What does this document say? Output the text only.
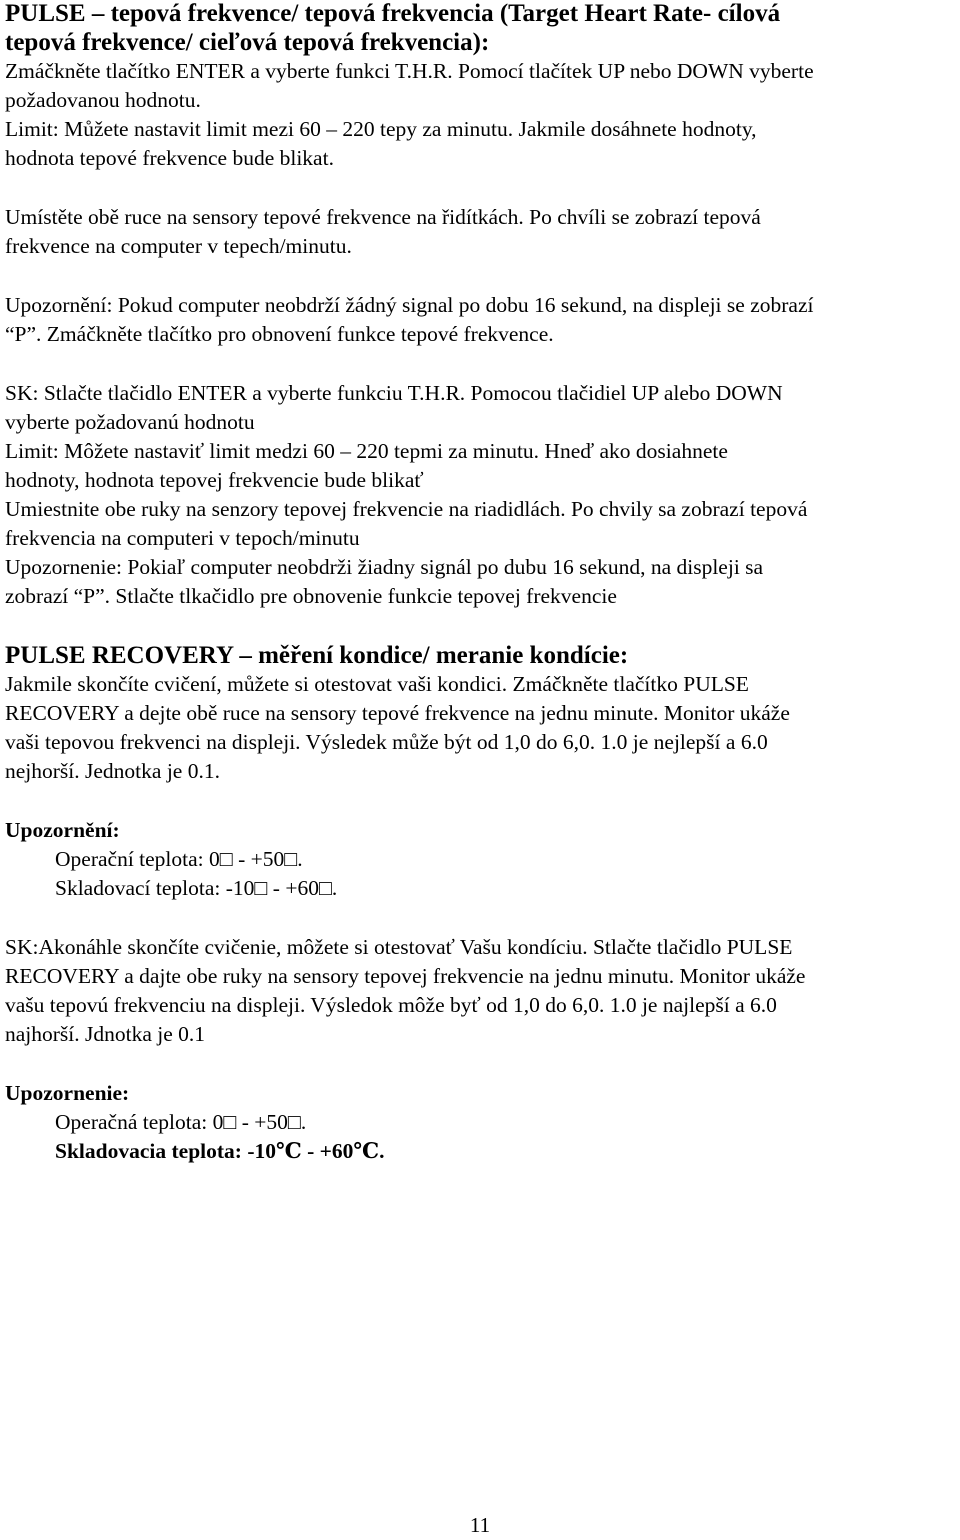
PULSE – tepová frekvence/ tepová frekvencia (Target Heart Rate- cílová
tepová frekvence/ cieľová tepová frekvencia):
Zmáčkněte tlačítko ENTER a vyberte funkci T.H.R. Pomocí tlačítek UP nebo DOWN vyberte
požadovanou hodnotu.
Limit: Můžete nastavit limit mezi 60 – 220 tepy za minutu. Jakmile dosáhnete hodnoty,
hodnota tepové frekvence bude blikat.
Umístěte obě ruce na sensory tepové frekvence na řidítkách. Po chvíli se zobrazí tepová
frekvence na computer v tepech/minutu.
Upozornění: Pokud computer neobdrží žádný signal po dobu 16 sekund, na displeji se zobrazí
“P”. Zmáčkněte tlačítko pro obnovení funkce tepové frekvence.
SK: Stlačte tlačidlo ENTER a vyberte funkciu T.H.R. Pomocou tlačidiel UP alebo DOWN
vyberte požadovanú hodnotu
Limit: Môžete nastaviť limit medzi 60 – 220 tepmi za minutu. Hneď ako dosiahnete
hodnoty, hodnota tepovej frekvencie bude blikať
Umiestnite obe ruky na senzory tepovej frekvencie na riadidlách. Po chvily sa zobrazí tepová
frekvencia na computeri v tepoch/minutu
Upozornenie: Pokiaľ computer neobdrži žiadny signál po dubu 16 sekund, na displeji sa
zobrazí “P”. Stlačte tlkačidlo pre obnovenie funkcie tepovej frekvencie
PULSE RECOVERY – měření kondice/ meranie kondície:
Jakmile skončíte cvičení, můžete si otestovat vaši kondici. Zmáčkněte tlačítko PULSE
RECOVERY a dejte obě ruce na sensory tepové frekvence na jednu minute. Monitor ukáže
vaši tepovou frekvenci na displeji. Výsledek může být od 1,0 do 6,0. 1.0 je nejlepší a 6.0
nejhorší. Jednotka je 0.1.
Upozornění:
Operační teplota: 0□ - +50□.
Skladovací teplota: -10□ - +60□.
SK:Akonáhle skončíte cvičenie, môžete si otestovať Vašu kondíciu. Stlačte tlačidlo PULSE
RECOVERY a dajte obe ruky na sensory tepovej frekvencie na jednu minutu. Monitor ukáže
vašu tepovú frekvenciu na displeji. Výsledok môže byť od 1,0 do 6,0. 1.0 je najlepší a 6.0
najhorší. Jdnotka je 0.1
Upozornenie:
Operačná teplota: 0□ - +50□.
Skladovacia teplota: -10℃ - +60℃.
11
